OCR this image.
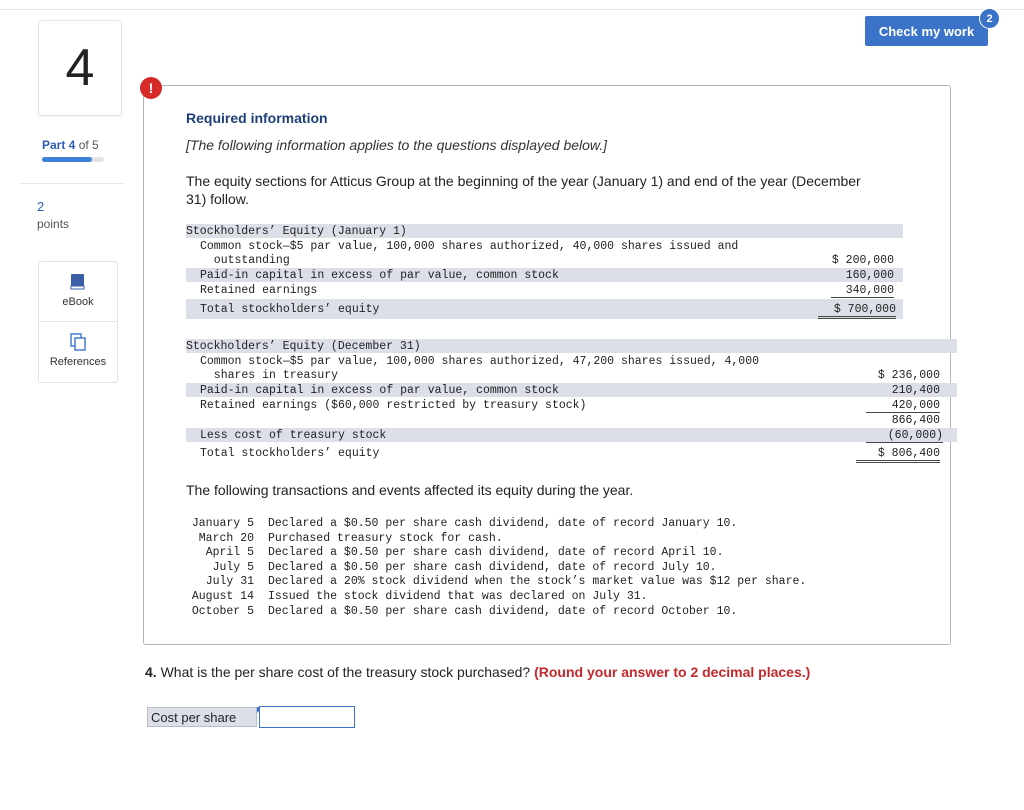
4
Part 4 of 5
2
points
eBook
References
Check my work
2
!
Required information
[The following information applies to the questions displayed below.]
The equity sections for Atticus Group at the beginning of the year (January 1) and end of the year (December 31) follow.
Stockholders’ Equity (January 1)
Common stock—$5 par value, 100,000 shares authorized, 40,000 shares issued and
outstanding	$ 200,000
Paid-in capital in excess of par value, common stock	160,000
Retained earnings	340,000
Total stockholders’ equity	$ 700,000
Stockholders’ Equity (December 31)
Common stock—$5 par value, 100,000 shares authorized, 47,200 shares issued, 4,000
shares in treasury	$ 236,000
Paid-in capital in excess of par value, common stock	210,400
Retained earnings ($60,000 restricted by treasury stock)	420,000
866,400
Less cost of treasury stock	(60,000)
Total stockholders’ equity	$ 806,400
The following transactions and events affected its equity during the year.
January 5 Declared a $0.50 per share cash dividend, date of record January 10.
March 20 Purchased treasury stock for cash.
April 5 Declared a $0.50 per share cash dividend, date of record April 10.
July 5 Declared a $0.50 per share cash dividend, date of record July 10.
July 31 Declared a 20% stock dividend when the stock’s market value was $12 per share.
August 14 Issued the stock dividend that was declared on July 31.
October 5 Declared a $0.50 per share cash dividend, date of record October 10.
4. What is the per share cost of the treasury stock purchased? (Round your answer to 2 decimal places.)
Cost per share
